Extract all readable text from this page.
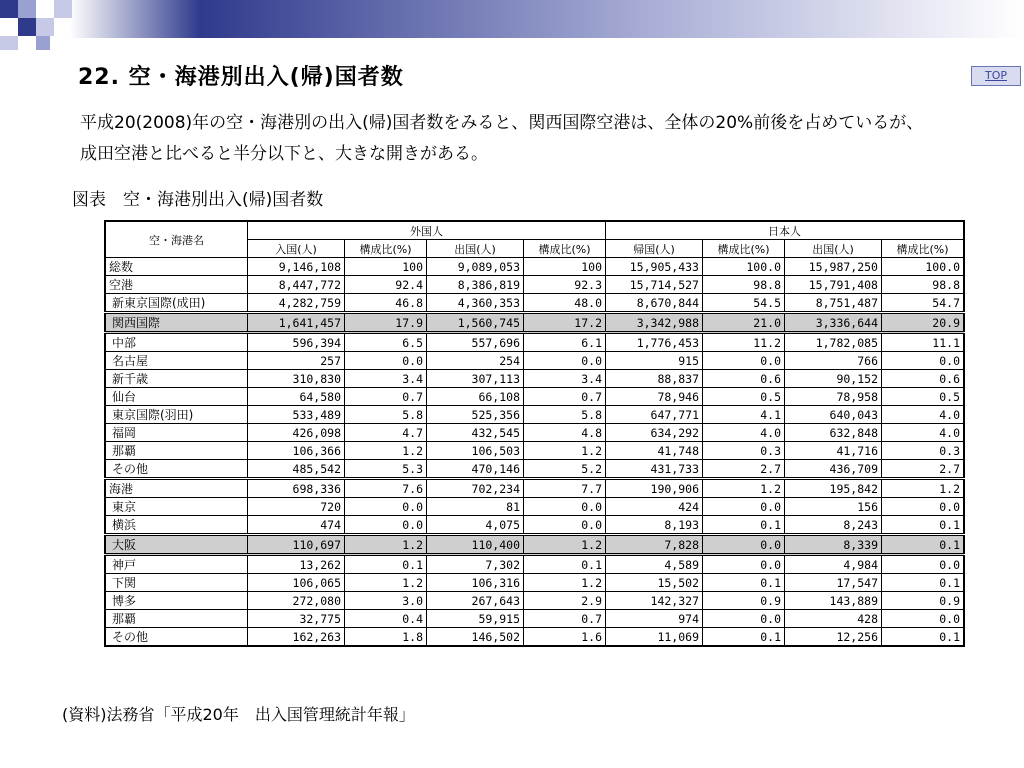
22. 空・海港別出入(帰)国者数	TOP
平成20(2008)年の空・海港別の出入(帰)国者数をみると、関西国際空港は、全体の20%前後を占めているが、成田空港と比べると半分以下と、大きな開きがある。
図表　空・海港別出入(帰)国者数
空・海港名	外国人				日本人			
	入国(人)	構成比(%)	出国(人)	構成比(%)	帰国(人)	構成比(%)	出国(人)	構成比(%)
総数	9,146,108	100	9,089,053	100	15,905,433	100.0	15,987,250	100.0
空港	8,447,772	92.4	8,386,819	92.3	15,714,527	98.8	15,791,408	98.8
新東京国際(成田)	4,282,759	46.8	4,360,353	48.0	8,670,844	54.5	8,751,487	54.7
関西国際	1,641,457	17.9	1,560,745	17.2	3,342,988	21.0	3,336,644	20.9
中部	596,394	6.5	557,696	6.1	1,776,453	11.2	1,782,085	11.1
名古屋	257	0.0	254	0.0	915	0.0	766	0.0
新千歳	310,830	3.4	307,113	3.4	88,837	0.6	90,152	0.6
仙台	64,580	0.7	66,108	0.7	78,946	0.5	78,958	0.5
東京国際(羽田)	533,489	5.8	525,356	5.8	647,771	4.1	640,043	4.0
福岡	426,098	4.7	432,545	4.8	634,292	4.0	632,848	4.0
那覇	106,366	1.2	106,503	1.2	41,748	0.3	41,716	0.3
その他	485,542	5.3	470,146	5.2	431,733	2.7	436,709	2.7
海港	698,336	7.6	702,234	7.7	190,906	1.2	195,842	1.2
東京	720	0.0	81	0.0	424	0.0	156	0.0
横浜	474	0.0	4,075	0.0	8,193	0.1	8,243	0.1
大阪	110,697	1.2	110,400	1.2	7,828	0.0	8,339	0.1
神戸	13,262	0.1	7,302	0.1	4,589	0.0	4,984	0.0
下関	106,065	1.2	106,316	1.2	15,502	0.1	17,547	0.1
博多	272,080	3.0	267,643	2.9	142,327	0.9	143,889	0.9
那覇	32,775	0.4	59,915	0.7	974	0.0	428	0.0
その他	162,263	1.8	146,502	1.6	11,069	0.1	12,256	0.1
(資料)法務省「平成20年　出入国管理統計年報」
